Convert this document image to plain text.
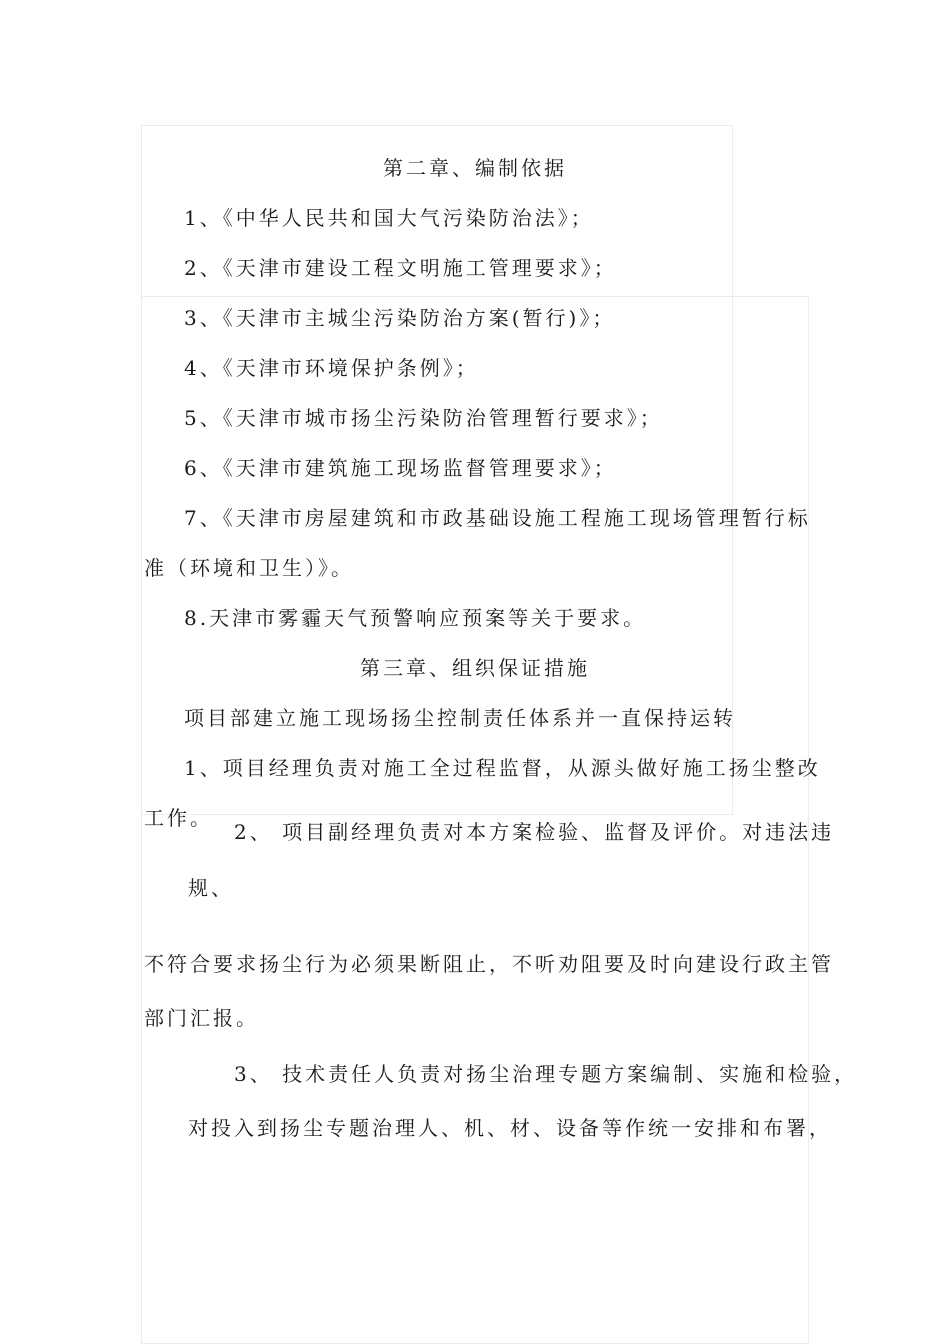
第二章、编制依据
1、《中华人民共和国大气污染防治法》；
2、《天津市建设工程文明施工管理要求》；
3、《天津市主城尘污染防治方案(暂行)》；
4、《天津市环境保护条例》；
5、《天津市城市扬尘污染防治管理暂行要求》；
6、《天津市建筑施工现场监督管理要求》；
7、《天津市房屋建筑和市政基础设施工程施工现场管理暂行标
准（环境和卫生）》。
8.天津市雾霾天气预警响应预案等关于要求。
第三章、组织保证措施
项目部建立施工现场扬尘控制责任体系并一直保持运转
1、项目经理负责对施工全过程监督，从源头做好施工扬尘整改
工作。
2、 项目副经理负责对本方案检验、监督及评价。对违法违
规、
不符合要求扬尘行为必须果断阻止，不听劝阻要及时向建设行政主管
部门汇报。
3、 技术责任人负责对扬尘治理专题方案编制、实施和检验，
对投入到扬尘专题治理人、机、材、设备等作统一安排和布署，
